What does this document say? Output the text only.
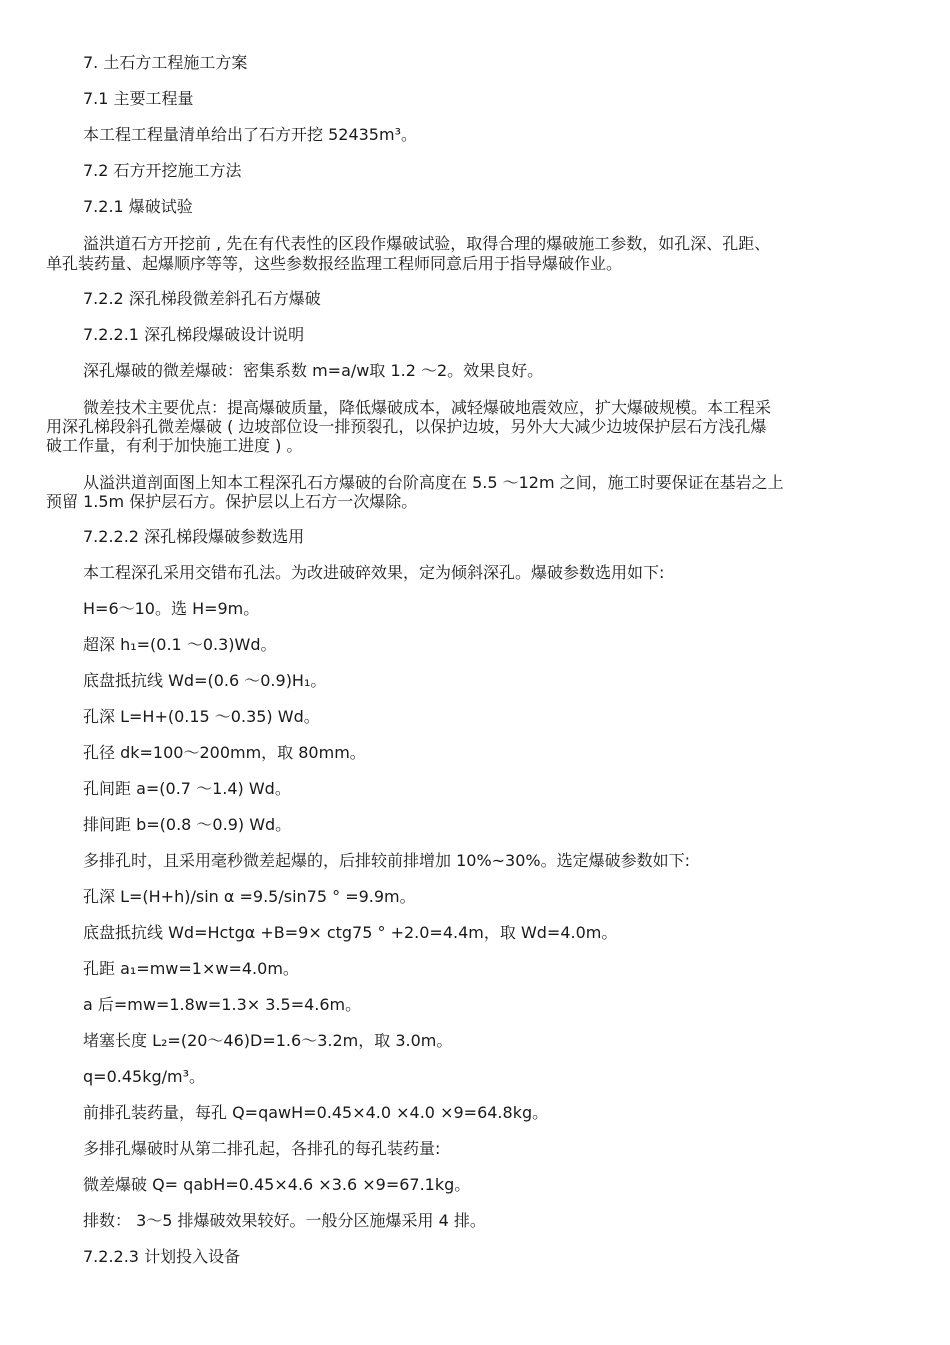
7. 土石方工程施工方案
7.1 主要工程量
本工程工程量清单给出了石方开挖 52435m³。
7.2 石方开挖施工方法
7.2.1 爆破试验
溢洪道石方开挖前 , 先在有代表性的区段作爆破试验，取得合理的爆破施工参数，如孔深、孔距、
单孔装药量、起爆顺序等等，这些参数报经监理工程师同意后用于指导爆破作业。
7.2.2 深孔梯段微差斜孔石方爆破
7.2.2.1 深孔梯段爆破设计说明
深孔爆破的微差爆破：密集系数 m=a/w取 1.2 ～2。效果良好。
微差技术主要优点：提高爆破质量，降低爆破成本，减轻爆破地震效应，扩大爆破规模。本工程采
用深孔梯段斜孔微差爆破 ( 边坡部位设一排预裂孔，以保护边坡，另外大大减少边坡保护层石方浅孔爆
破工作量，有利于加快施工进度 ) 。
从溢洪道剖面图上知本工程深孔石方爆破的台阶高度在 5.5 ～12m 之间，施工时要保证在基岩之上
预留 1.5m 保护层石方。保护层以上石方一次爆除。
7.2.2.2 深孔梯段爆破参数选用
本工程深孔采用交错布孔法。为改进破碎效果，定为倾斜深孔。爆破参数选用如下:
H=6～10。选 H=9m。
超深 h₁=(0.1 ～0.3)Wd。
底盘抵抗线 Wd=(0.6 ～0.9)H₁。
孔深 L=H+(0.15 ～0.35) Wd。
孔径 dk=100～200mm，取 80mm。
孔间距 a=(0.7 ～1.4) Wd。
排间距 b=(0.8 ～0.9) Wd。
多排孔时，且采用毫秒微差起爆的，后排较前排增加 10%~30%。选定爆破参数如下:
孔深 L=(H+h)/sin α =9.5/sin75 ° =9.9m。
底盘抵抗线 Wd=Hctgα +B=9× ctg75 ° +2.0=4.4m，取 Wd=4.0m。
孔距 a₁=mw=1×w=4.0m。
a 后=mw=1.8w=1.3× 3.5=4.6m。
堵塞长度 L₂=(20～46)D=1.6～3.2m，取 3.0m。
q=0.45kg/m³。
前排孔装药量，每孔 Q=qawH=0.45×4.0 ×4.0 ×9=64.8kg。
多排孔爆破时从第二排孔起，各排孔的每孔装药量:
微差爆破 Q= qabH=0.45×4.6 ×3.6 ×9=67.1kg。
排数： 3～5 排爆破效果较好。一般分区施爆采用 4 排。
7.2.2.3 计划投入设备
